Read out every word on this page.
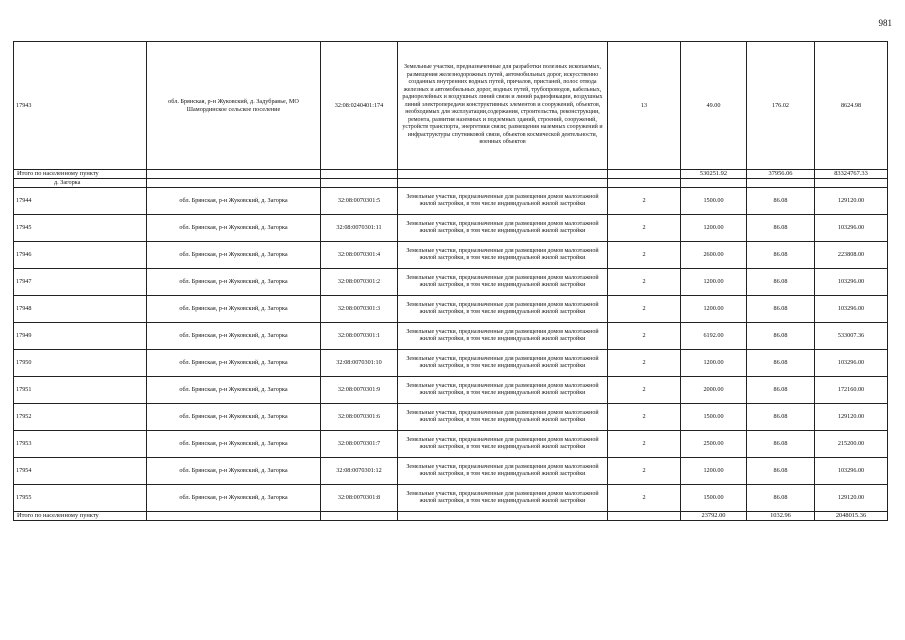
981
17943	обл. Брянская, р-н Жуковский, д. Задубравье, МО Шамординское сельское поселение	32:08:0240401:174	Земельные участки, предназначенные для разработки полезных ископаемых, размещения железнодорожных путей, автомобильных дорог, искусственно созданных внутренних водных путей, причалов, пристаней, полос отвода железных и автомобильных дорог, водных путей, трубопроводов, кабельных, радиорелейных и воздушных линий связи и линий радиофикации, воздушных линий электропередачи конструктивных элементов и сооружений, объектов, необходимых для эксплуатации,содержания, строительства, реконструкции, ремонта, развития наземных и подземных зданий, строений, сооружений, устройств транспорта, энергетики связи; размещения наземных сооружений и инфраструктуры спутниковой связи, объектов космической деятельности, военных объектов	13	49.00	176.02	8624.98
Итого по населенному пункту					530251.92	37956.06	83324767.33
д. Загорка							
17944	обл. Брянская, р-н Жуковский, д. Загорка	32:08:0070301:5	Земельные участки, предназначенные для размещения домов малоэтажной жилой застройки, в том числе индивидуальной жилой застройки	2	1500.00	86.08	129120.00
17945	обл. Брянская, р-н Жуковский, д. Загорка	32:08:0070301:11	Земельные участки, предназначенные для размещения домов малоэтажной жилой застройки, в том числе индивидуальной жилой застройки	2	1200.00	86.08	103296.00
17946	обл. Брянская, р-н Жуковский, д. Загорка	32:08:0070301:4	Земельные участки, предназначенные для размещения домов малоэтажной жилой застройки, в том числе индивидуальной жилой застройки	2	2600.00	86.08	223808.00
17947	обл. Брянская, р-н Жуковский, д. Загорка	32:08:0070301:2	Земельные участки, предназначенные для размещения домов малоэтажной жилой застройки, в том числе индивидуальной жилой застройки	2	1200.00	86.08	103296.00
17948	обл. Брянская, р-н Жуковский, д. Загорка	32:08:0070301:3	Земельные участки, предназначенные для размещения домов малоэтажной жилой застройки, в том числе индивидуальной жилой застройки	2	1200.00	86.08	103296.00
17949	обл. Брянская, р-н Жуковский, д. Загорка	32:08:0070301:1	Земельные участки, предназначенные для размещения домов малоэтажной жилой застройки, в том числе индивидуальной жилой застройки	2	6192.00	86.08	533007.36
17950	обл. Брянская, р-н Жуковский, д. Загорка	32:08:0070301:10	Земельные участки, предназначенные для размещения домов малоэтажной жилой застройки, в том числе индивидуальной жилой застройки	2	1200.00	86.08	103296.00
17951	обл. Брянская, р-н Жуковский, д. Загорка	32:08:0070301:9	Земельные участки, предназначенные для размещения домов малоэтажной жилой застройки, в том числе индивидуальной жилой застройки	2	2000.00	86.08	172160.00
17952	обл. Брянская, р-н Жуковский, д. Загорка	32:08:0070301:6	Земельные участки, предназначенные для размещения домов малоэтажной жилой застройки, в том числе индивидуальной жилой застройки	2	1500.00	86.08	129120.00
17953	обл. Брянская, р-н Жуковский, д. Загорка	32:08:0070301:7	Земельные участки, предназначенные для размещения домов малоэтажной жилой застройки, в том числе индивидуальной жилой застройки	2	2500.00	86.08	215200.00
17954	обл. Брянская, р-н Жуковский, д. Загорка	32:08:0070301:12	Земельные участки, предназначенные для размещения домов малоэтажной жилой застройки, в том числе индивидуальной жилой застройки	2	1200.00	86.08	103296.00
17955	обл. Брянская, р-н Жуковский, д. Загорка	32:08:0070301:8	Земельные участки, предназначенные для размещения домов малоэтажной жилой застройки, в том числе индивидуальной жилой застройки	2	1500.00	86.08	129120.00
Итого по населенному пункту					23792.00	1032.96	2048015.36
